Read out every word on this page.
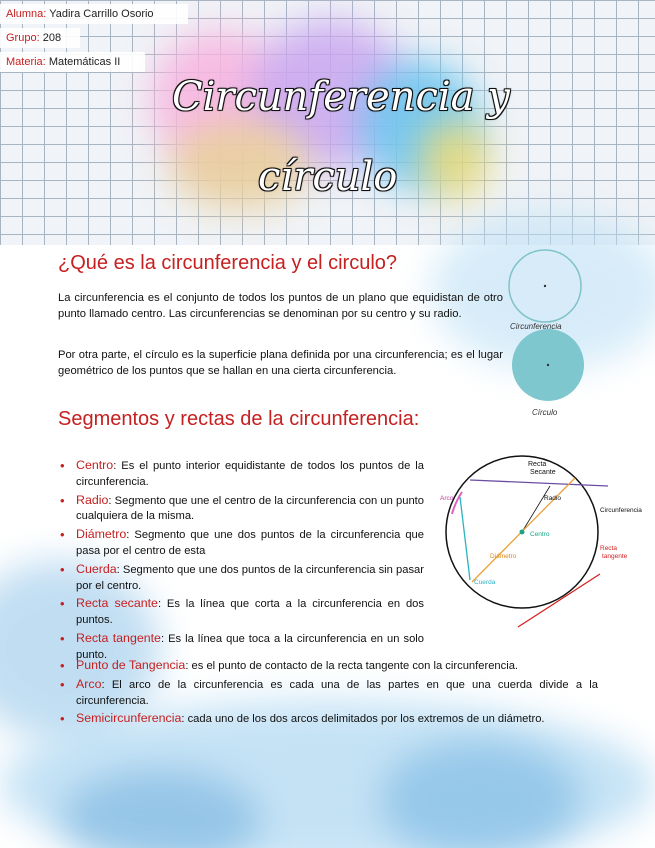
Alumna: Yadira Carrillo Osorio
Grupo: 208
Materia: Matemáticas II
Circunferencia y
círculo
¿Qué es la circunferencia y el circulo?

La circunferencia es el conjunto de todos los puntos de un plano que equidistan de otro punto llamado centro. Las circunferencias se denominan por su centro y su radio.

Por otra parte, el círculo es la superficie plana definida por una circunferencia; es el lugar geométrico de los puntos que se hallan en una cierta circunferencia.

Circunferencia
Círculo
Segmentos y rectas de la circunferencia:
• Centro: Es el punto interior equidistante de todos los puntos de la circunferencia.
• Radio: Segmento que une el centro de la circunferencia con un punto cualquiera de la misma.
• Diámetro: Segmento que une dos puntos de la circunferencia que pasa por el centro de esta
• Cuerda: Segmento que une dos puntos de la circunferencia sin pasar por el centro.
• Recta secante: Es la línea que corta a la circunferencia en dos puntos.
• Recta tangente: Es la línea que toca a la circunferencia en un solo punto.
• Punto de Tangencia: es el punto de contacto de la recta tangente con la circunferencia.
• Arco: El arco de la circunferencia es cada una de las partes en que una cuerda divide a la circunferencia.
• Semicircunferencia: cada uno de los dos arcos delimitados por los extremos de un diámetro.
Recta Secante
Radio
Circunferencia
Arco
Centro
Diámetro
Recta tangente
Cuerda
